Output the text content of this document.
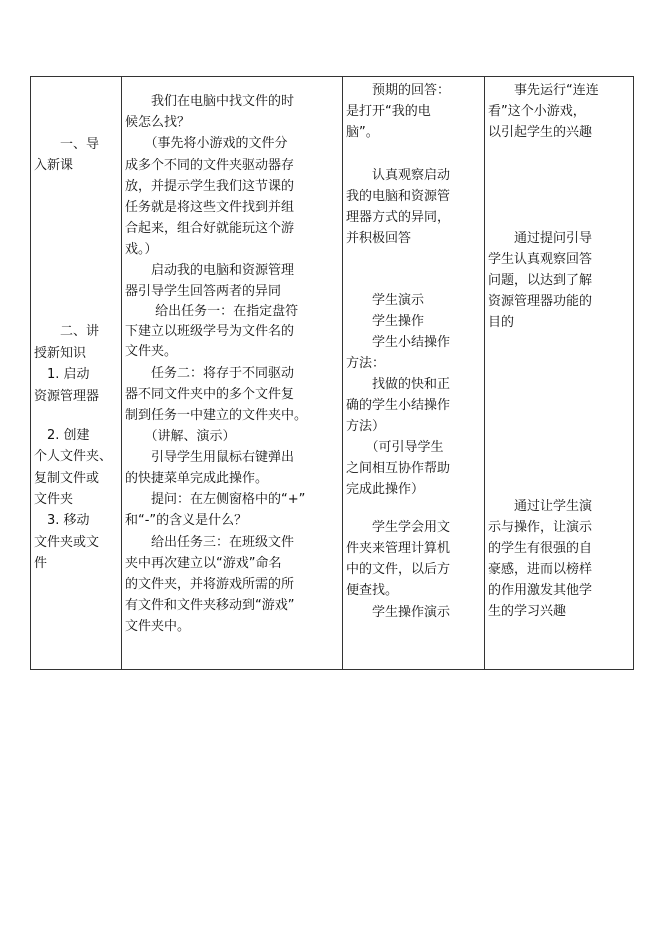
　　一、导
入新课
　　二、讲
授新知识
　1. 启动
资源管理器
　2. 创建
个人文件夹、
复制文件或
文件夹
　3. 移动
文件夹或文
件
　　我们在电脑中找文件的时
候怎么找？
　　（事先将小游戏的文件分
成多个不同的文件夹驱动器存
放，并提示学生我们这节课的
任务就是将这些文件找到并组
合起来，组合好就能玩这个游
戏。）
　　启动我的电脑和资源管理
器引导学生回答两者的异同
　　 给出任务一：在指定盘符
下建立以班级学号为文件名的
文件夹。
　　任务二：将存于不同驱动
器不同文件夹中的多个文件复
制到任务一中建立的文件夹中。
　　（讲解、演示）
　　引导学生用鼠标右键弹出
的快捷菜单完成此操作。
　　提问：在左侧窗格中的“+”
和“-”的含义是什么？
　　给出任务三：在班级文件
夹中再次建立以“游戏”命名
的文件夹，并将游戏所需的所
有文件和文件夹移动到“游戏”
文件夹中。
　　预期的回答：
是打开“我的电
脑”。
　　认真观察启动
我的电脑和资源管
理器方式的异同，
并积极回答
　　学生演示
　　学生操作
　　学生小结操作
方法：
　　找做的快和正
确的学生小结操作
方法）
　　（可引导学生
之间相互协作帮助
完成此操作）
　　学生学会用文
件夹来管理计算机
中的文件，以后方
便查找。
　　学生操作演示
　　事先运行“连连
看”这个小游戏，
以引起学生的兴趣
　　通过提问引导
学生认真观察回答
问题，以达到了解
资源管理器功能的
目的
　　通过让学生演
示与操作，让演示
的学生有很强的自
豪感，进而以榜样
的作用激发其他学
生的学习兴趣
